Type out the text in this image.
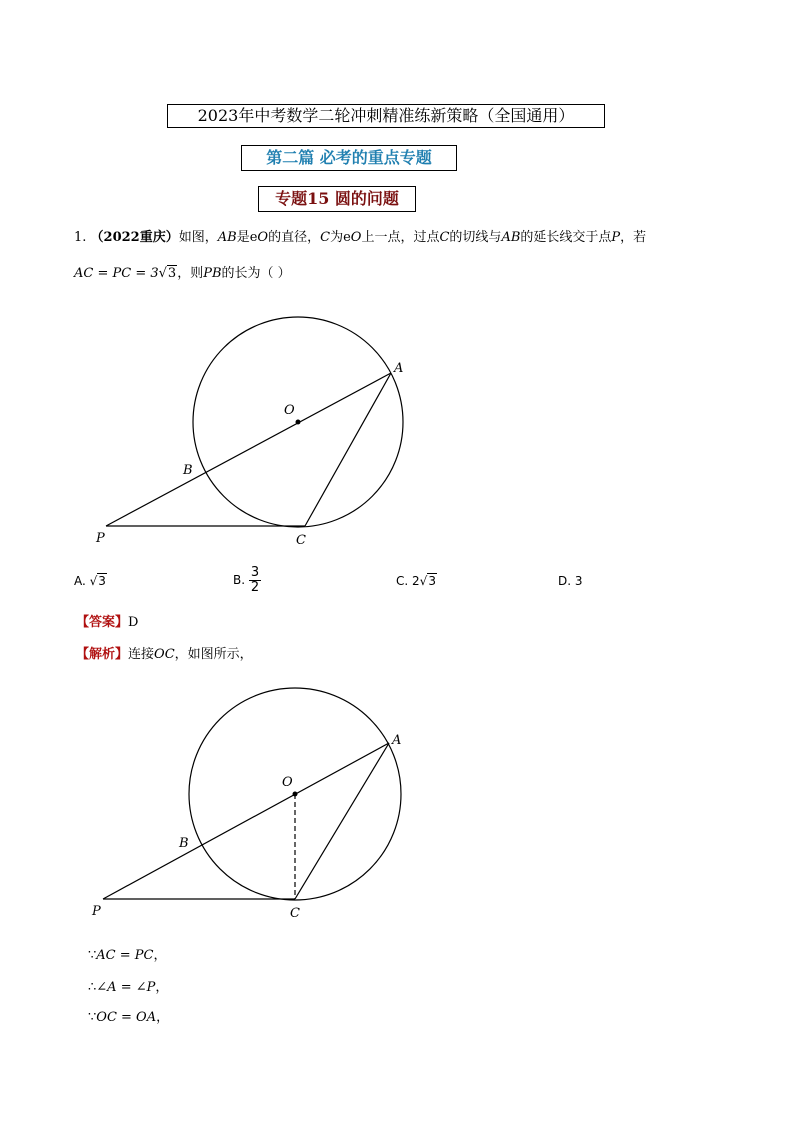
2023年中考数学二轮冲刺精准练新策略（全国通用）
第二篇 必考的重点专题
专题15 圆的问题
1. （2022重庆）如图，AB是eO的直径，C为eO上一点，过点C的切线与AB的延长线交于点P，若
AC = PC = 3√3，则PB的长为（ ）
A
O
B
P	C
A. √3	B. $\frac{3}{2}$	C. 2√3	D. 3
【答案】D
【解析】连接OC，如图所示，
A
O
B
P	C
∵AC = PC，
∴∠A = ∠P，
∵OC = OA，
